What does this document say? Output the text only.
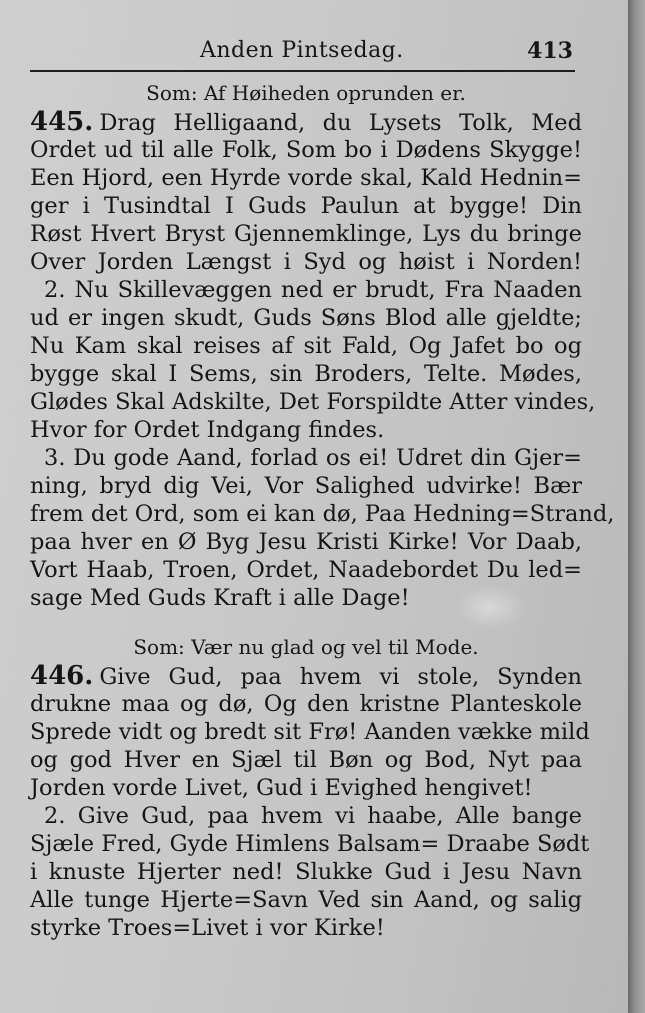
Anden Pintsedag.	413
Som: Af Høiheden oprunden er.
445. Drag Helligaand, du Lysets Tolk, Med
Ordet ud til alle Folk, Som bo i Dødens Skygge!
Een Hjord, een Hyrde vorde skal, Kald Hednin=
ger i Tusindtal I Guds Paulun at bygge! Din
Røst Hvert Bryst Gjennemklinge, Lys du bringe
Over Jorden Længst i Syd og høist i Norden!
2. Nu Skillevæggen ned er brudt, Fra Naaden
ud er ingen skudt, Guds Søns Blod alle gjeldte;
Nu Kam skal reises af sit Fald, Og Jafet bo og
bygge skal I Sems, sin Broders, Telte. Mødes,
Glødes Skal Adskilte, Det Forspildte Atter vindes,
Hvor for Ordet Indgang findes.
3. Du gode Aand, forlad os ei! Udret din Gjer=
ning, bryd dig Vei, Vor Salighed udvirke! Bær
frem det Ord, som ei kan dø, Paa Hedning=Strand,
paa hver en Ø Byg Jesu Kristi Kirke! Vor Daab,
Vort Haab, Troen, Ordet, Naadebordet Du led=
sage Med Guds Kraft i alle Dage!
Som: Vær nu glad og vel til Mode.
446. Give Gud, paa hvem vi stole, Synden
drukne maa og dø, Og den kristne Planteskole
Sprede vidt og bredt sit Frø! Aanden vække mild
og god Hver en Sjæl til Bøn og Bod, Nyt paa
Jorden vorde Livet, Gud i Evighed hengivet!
2. Give Gud, paa hvem vi haabe, Alle bange
Sjæle Fred, Gyde Himlens Balsam= Draabe Sødt
i knuste Hjerter ned! Slukke Gud i Jesu Navn
Alle tunge Hjerte=Savn Ved sin Aand, og salig
styrke Troes=Livet i vor Kirke!
